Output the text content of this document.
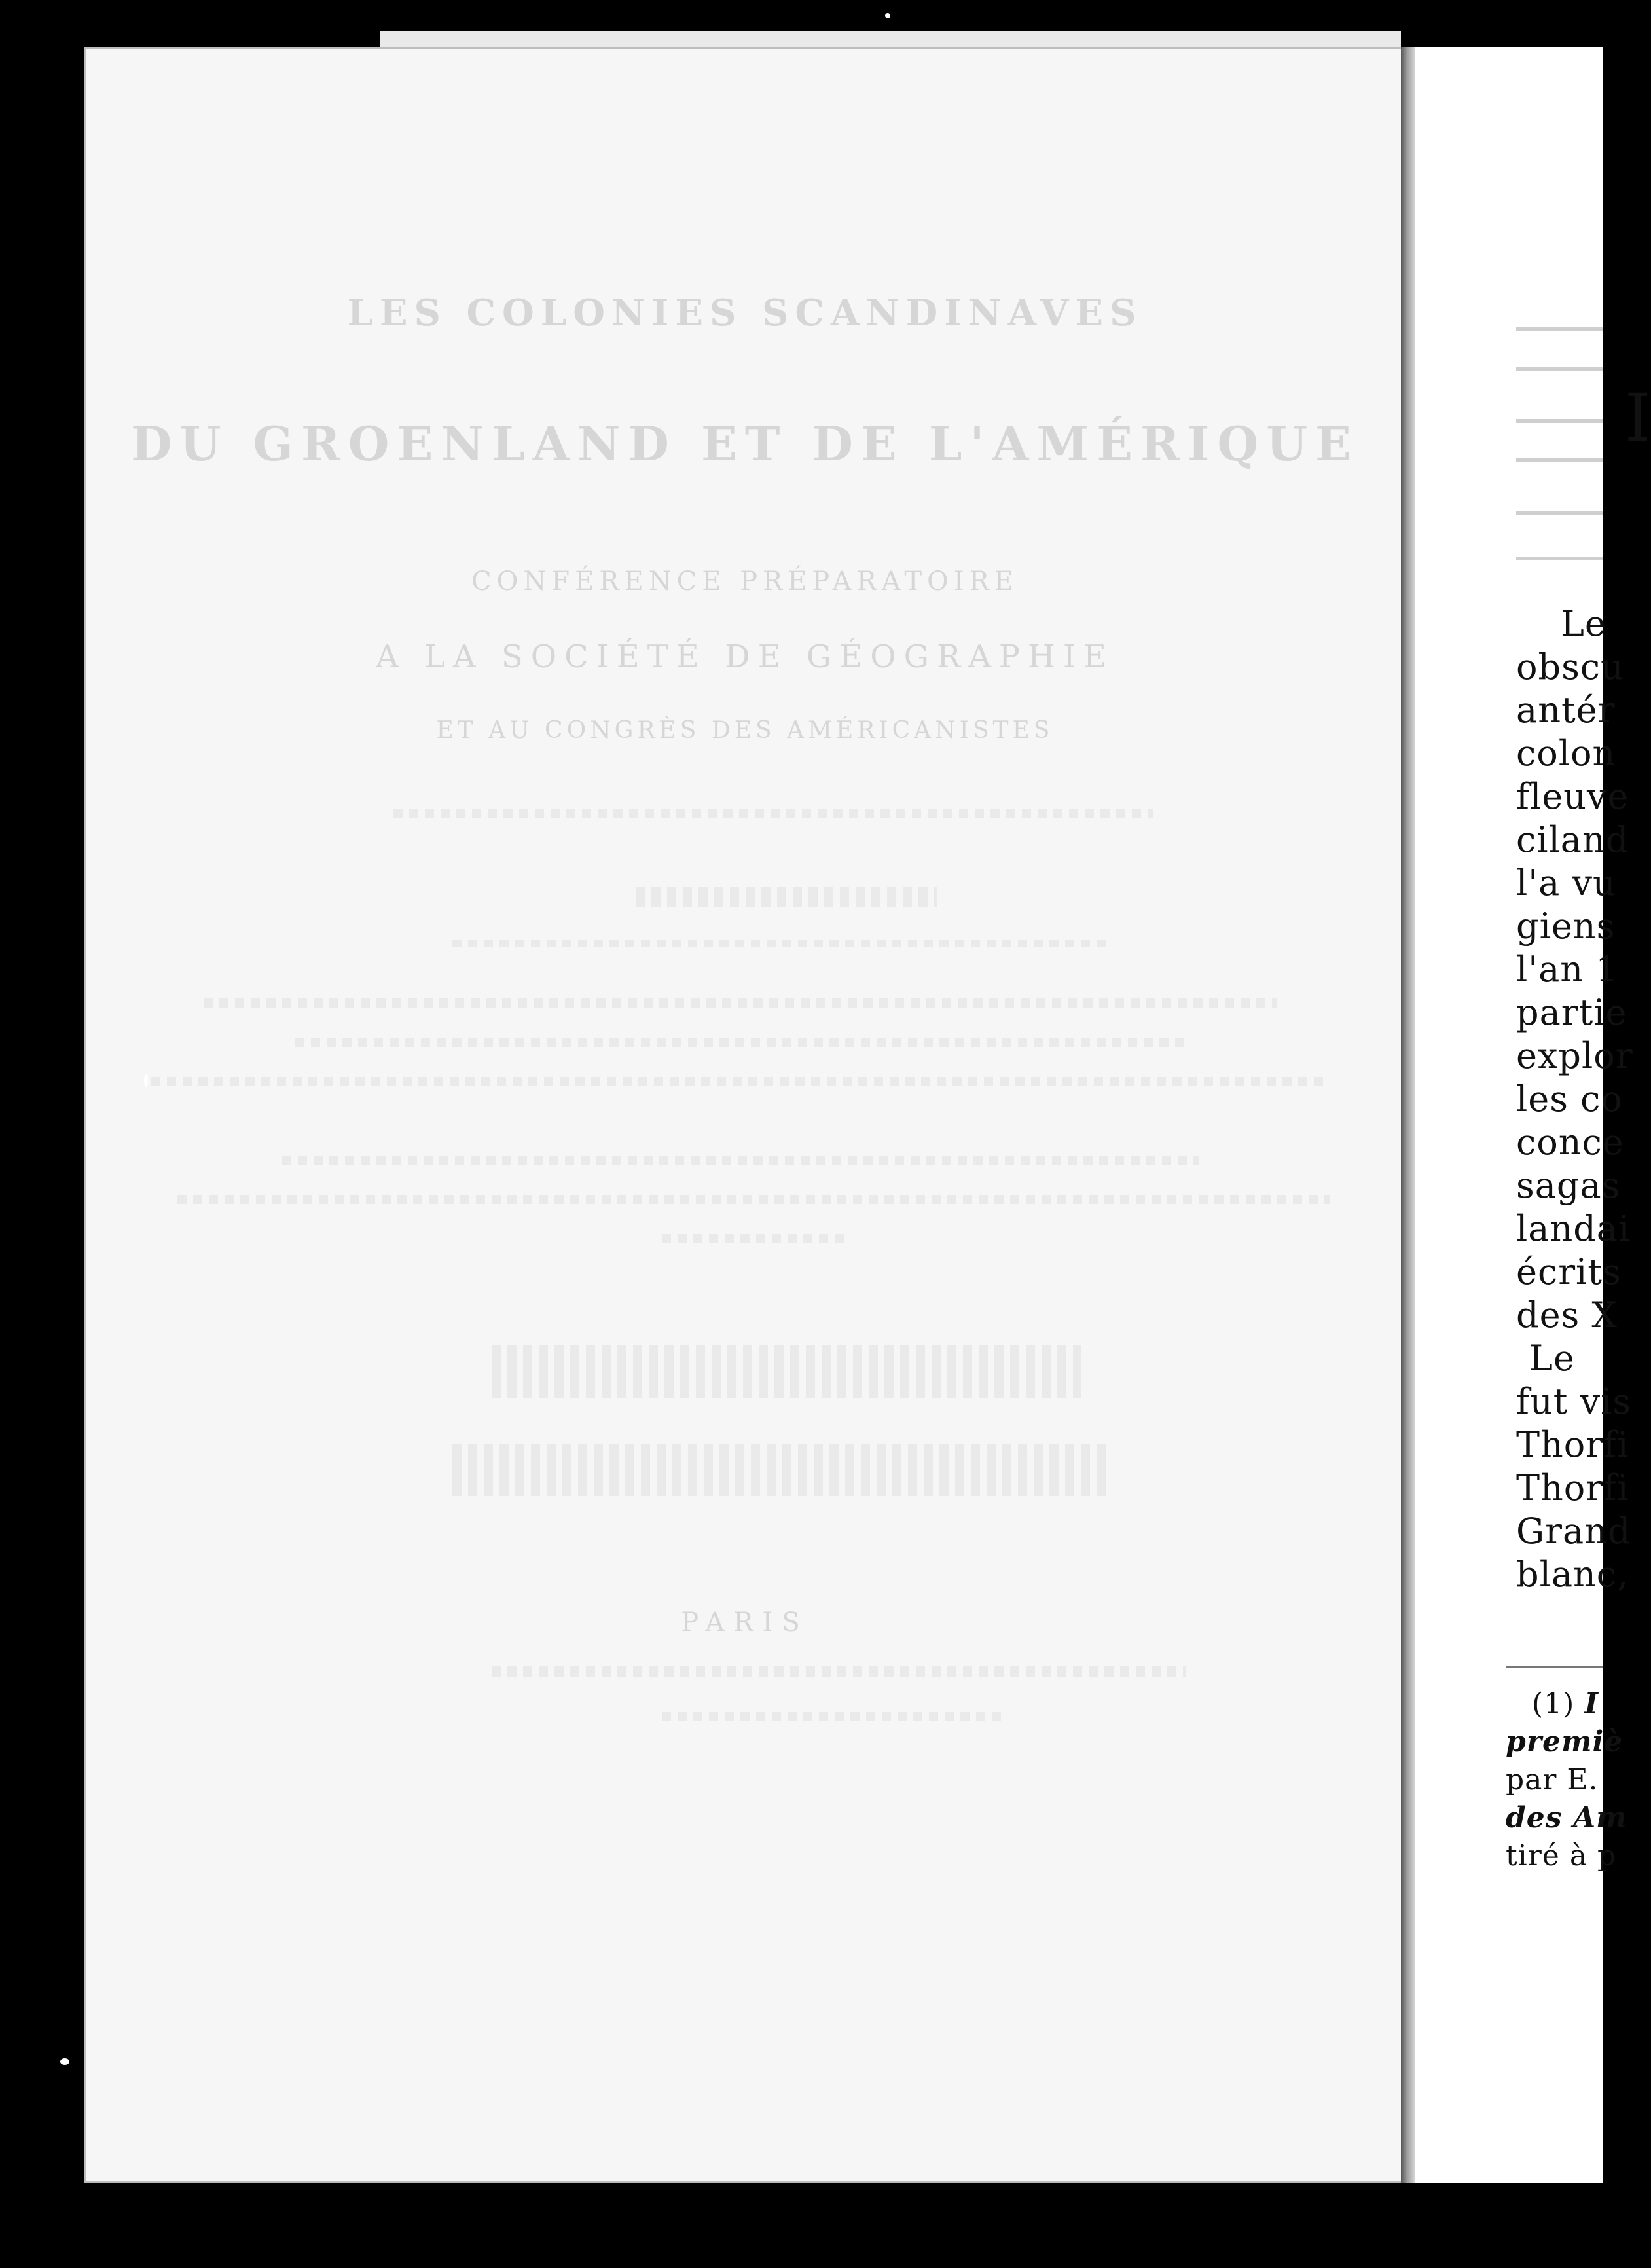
LES COLONIES SCANDINAVES
DU GROENLAND ET DE L'AMÉRIQUE
CONFÉRENCE PRÉPARATOIRE
A LA SOCIÉTÉ DE GÉOGRAPHIE
ET AU CONGRÈS DES AMÉRICANISTES
PARIS
I
Le
obscu
antér
colon
fleuve
ciland
l'a vu
giens
l'an 1
partie
explor
les co
conce
sagas
landai
écrits
des X
Le
fut vis
Thorfi
Thorfi
Grand
blanc,
(1) I
premiè
par E.
des Am
tiré à p
